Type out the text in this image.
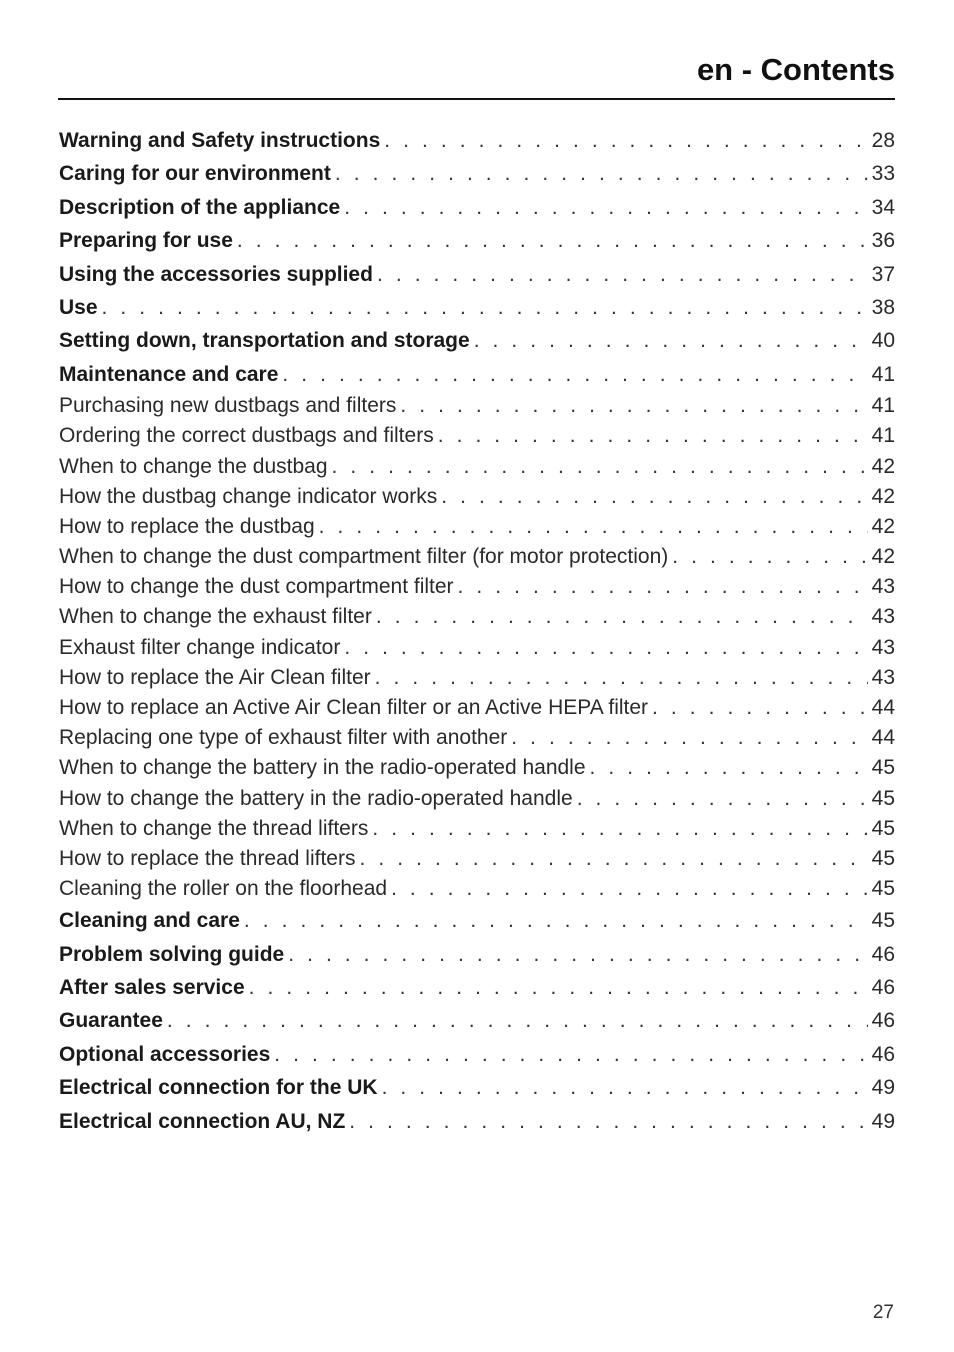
en - Contents
Warning and Safety instructions . . .	28
Caring for our environment . . .	33
Description of the appliance . . .	34
Preparing for use . . .	36
Using the accessories supplied . . .	37
Use . . .	38
Setting down, transportation and storage . . .	40
Maintenance and care . . .	41
Purchasing new dustbags and filters . . .	41
Ordering the correct dustbags and filters . . .	41
When to change the dustbag . . .	42
How the dustbag change indicator works . . .	42
How to replace the dustbag . . .	42
When to change the dust compartment filter (for motor protection) . . .	42
How to change the dust compartment filter . . .	43
When to change the exhaust filter . . .	43
Exhaust filter change indicator . . .	43
How to replace the Air Clean filter . . .	43
How to replace an Active Air Clean filter or an Active HEPA filter . . .	44
Replacing one type of exhaust filter with another . . .	44
When to change the battery in the radio-operated handle . . .	45
How to change the battery in the radio-operated handle . . .	45
When to change the thread lifters . . .	45
How to replace the thread lifters . . .	45
Cleaning the roller on the floorhead . . .	45
Cleaning and care . . .	45
Problem solving guide . . .	46
After sales service . . .	46
Guarantee . . .	46
Optional accessories . . .	46
Electrical connection for the UK . . .	49
Electrical connection AU, NZ . . .	49
27
